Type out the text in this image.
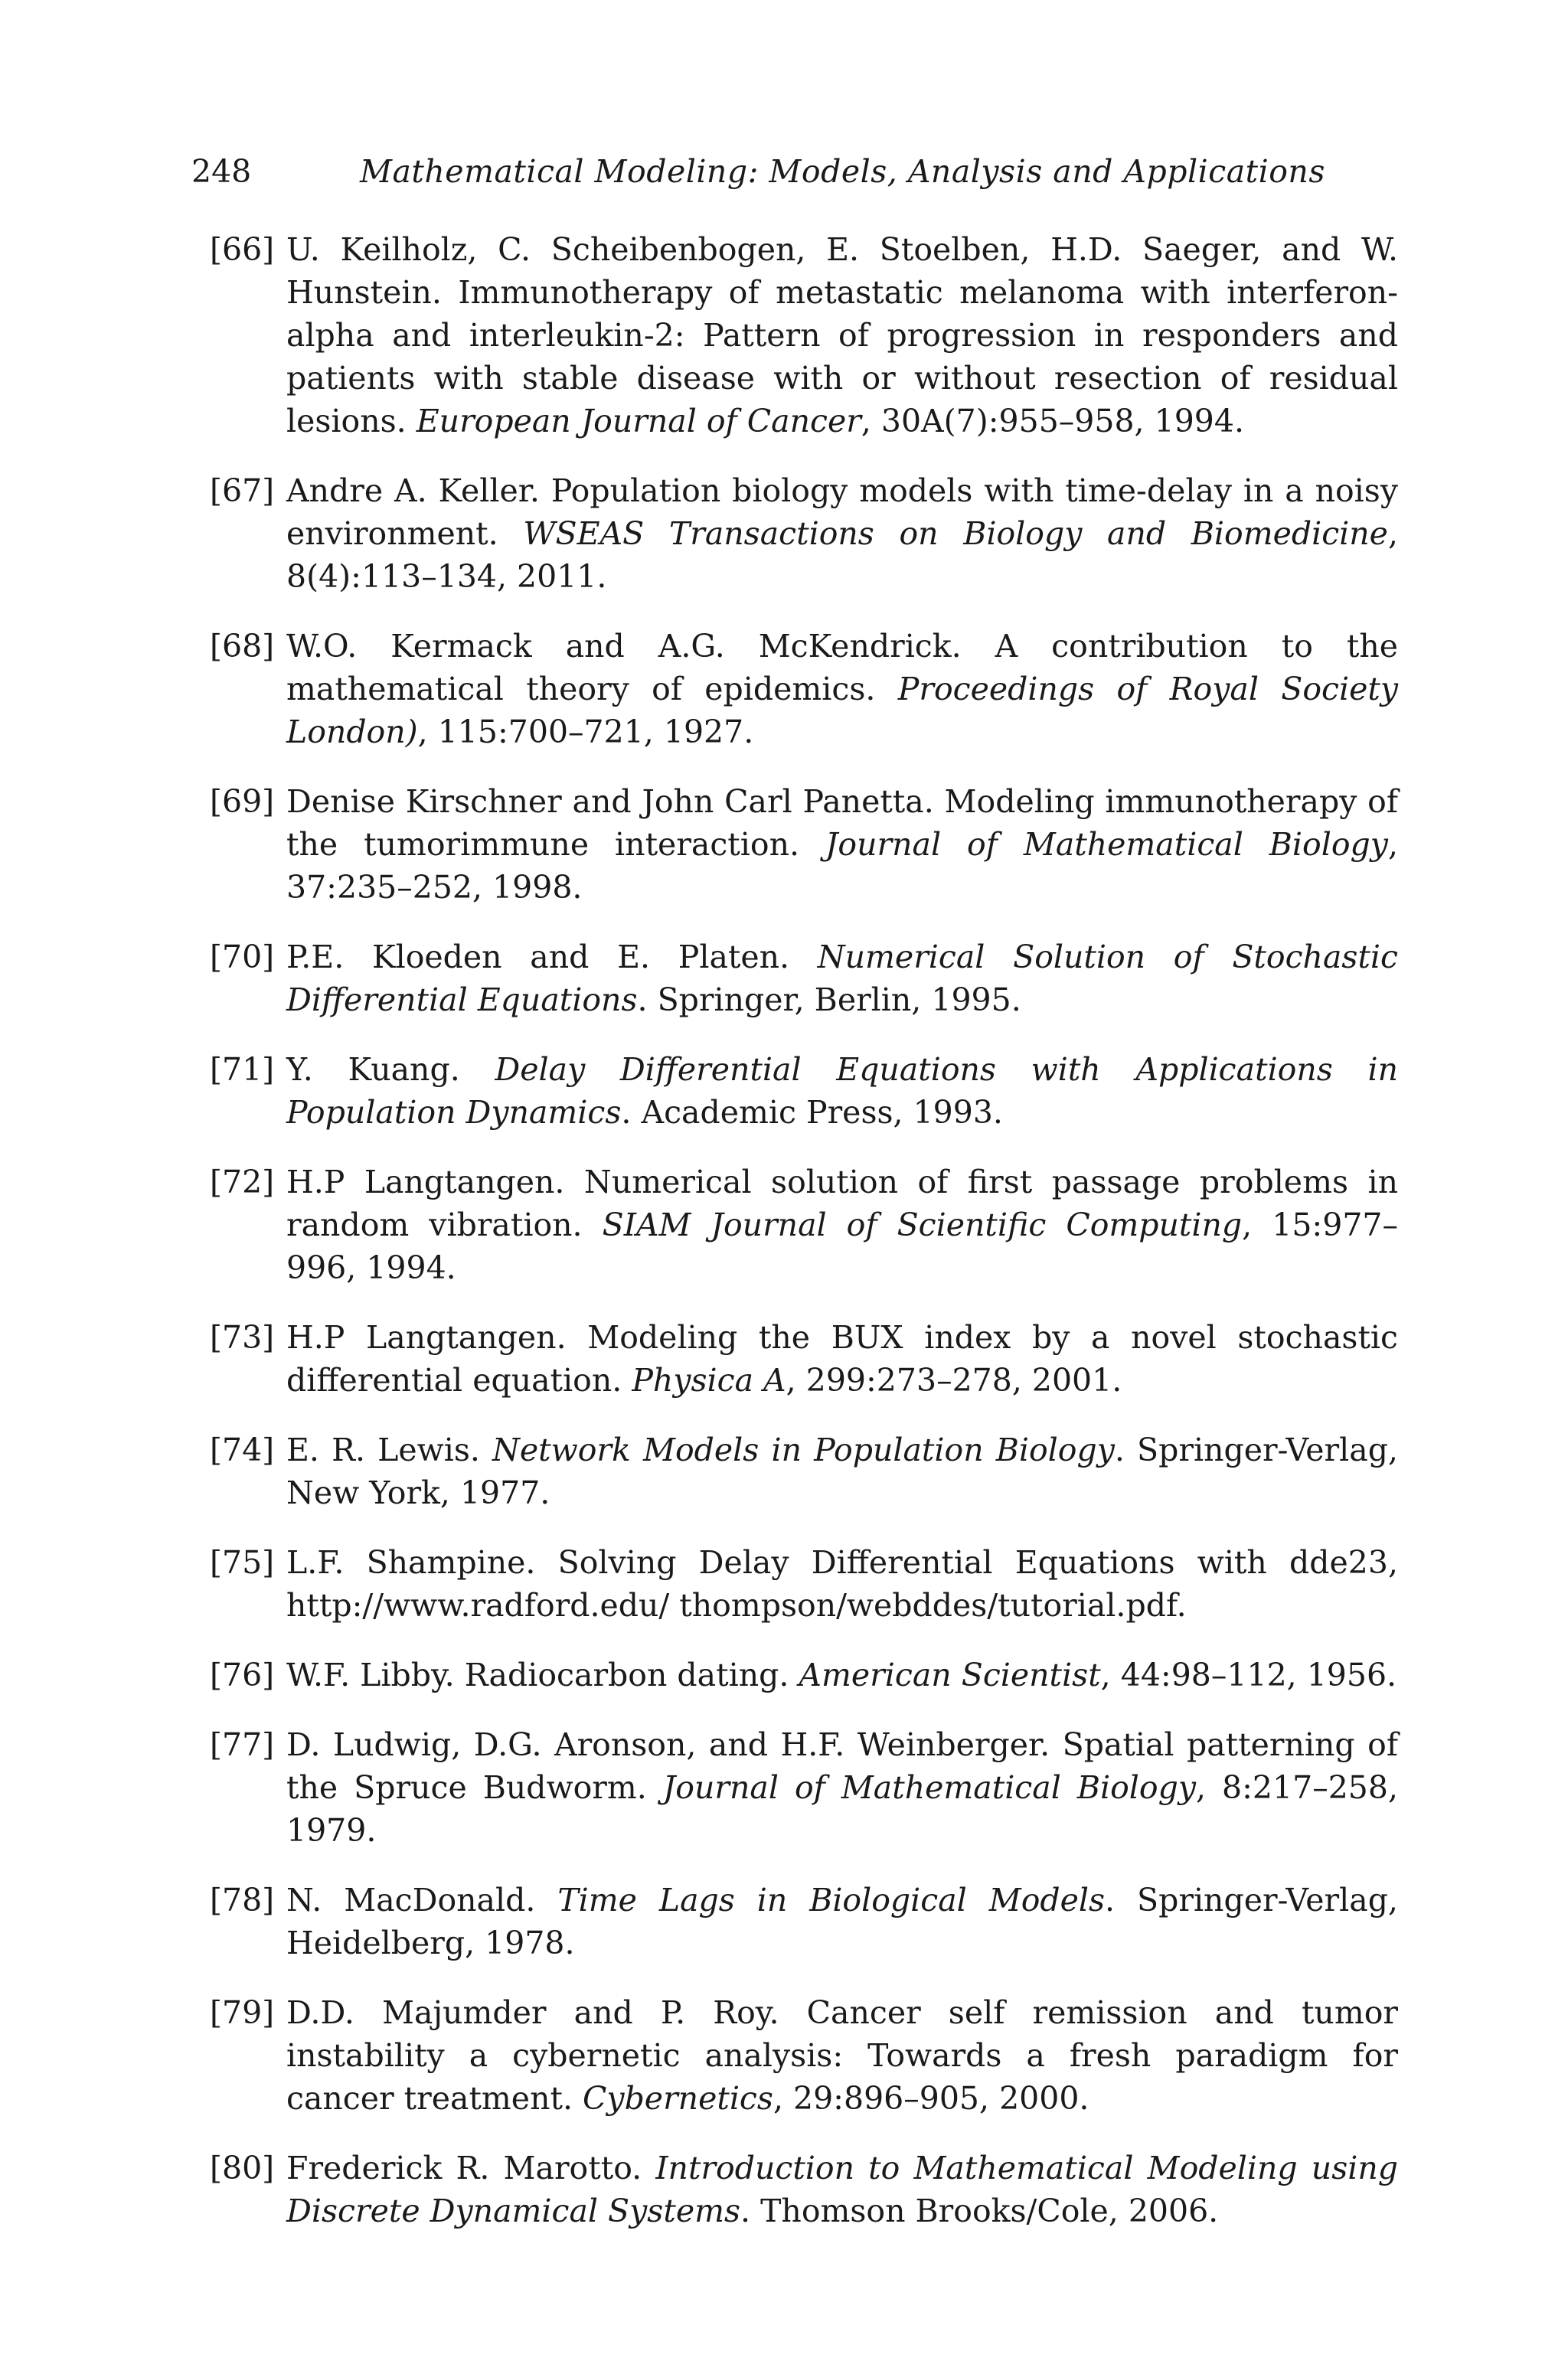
248	Mathematical Modeling: Models, Analysis and Applications
[66] U. Keilholz, C. Scheibenbogen, E. Stoelben, H.D. Saeger, and W. Hunstein. Immunotherapy of metastatic melanoma with interferon-alpha and interleukin-2: Pattern of progression in responders and patients with stable disease with or without resection of residual lesions. European Journal of Cancer, 30A(7):955–958, 1994.
[67] Andre A. Keller. Population biology models with time-delay in a noisy environment. WSEAS Transactions on Biology and Biomedicine, 8(4):113–134, 2011.
[68] W.O. Kermack and A.G. McKendrick. A contribution to the mathematical theory of epidemics. Proceedings of Royal Society London), 115:700–721, 1927.
[69] Denise Kirschner and John Carl Panetta. Modeling immunotherapy of the tumorimmune interaction. Journal of Mathematical Biology, 37:235–252, 1998.
[70] P.E. Kloeden and E. Platen. Numerical Solution of Stochastic Differential Equations. Springer, Berlin, 1995.
[71] Y. Kuang. Delay Differential Equations with Applications in Population Dynamics. Academic Press, 1993.
[72] H.P Langtangen. Numerical solution of first passage problems in random vibration. SIAM Journal of Scientific Computing, 15:977–996, 1994.
[73] H.P Langtangen. Modeling the BUX index by a novel stochastic differential equation. Physica A, 299:273–278, 2001.
[74] E. R. Lewis. Network Models in Population Biology. Springer-Verlag, New York, 1977.
[75] L.F. Shampine. Solving Delay Differential Equations with dde23, http://www.radford.edu/ thompson/webddes/tutorial.pdf.
[76] W.F. Libby. Radiocarbon dating. American Scientist, 44:98–112, 1956.
[77] D. Ludwig, D.G. Aronson, and H.F. Weinberger. Spatial patterning of the Spruce Budworm. Journal of Mathematical Biology, 8:217–258, 1979.
[78] N. MacDonald. Time Lags in Biological Models. Springer-Verlag, Heidelberg, 1978.
[79] D.D. Majumder and P. Roy. Cancer self remission and tumor instability a cybernetic analysis: Towards a fresh paradigm for cancer treatment. Cybernetics, 29:896–905, 2000.
[80] Frederick R. Marotto. Introduction to Mathematical Modeling using Discrete Dynamical Systems. Thomson Brooks/Cole, 2006.
